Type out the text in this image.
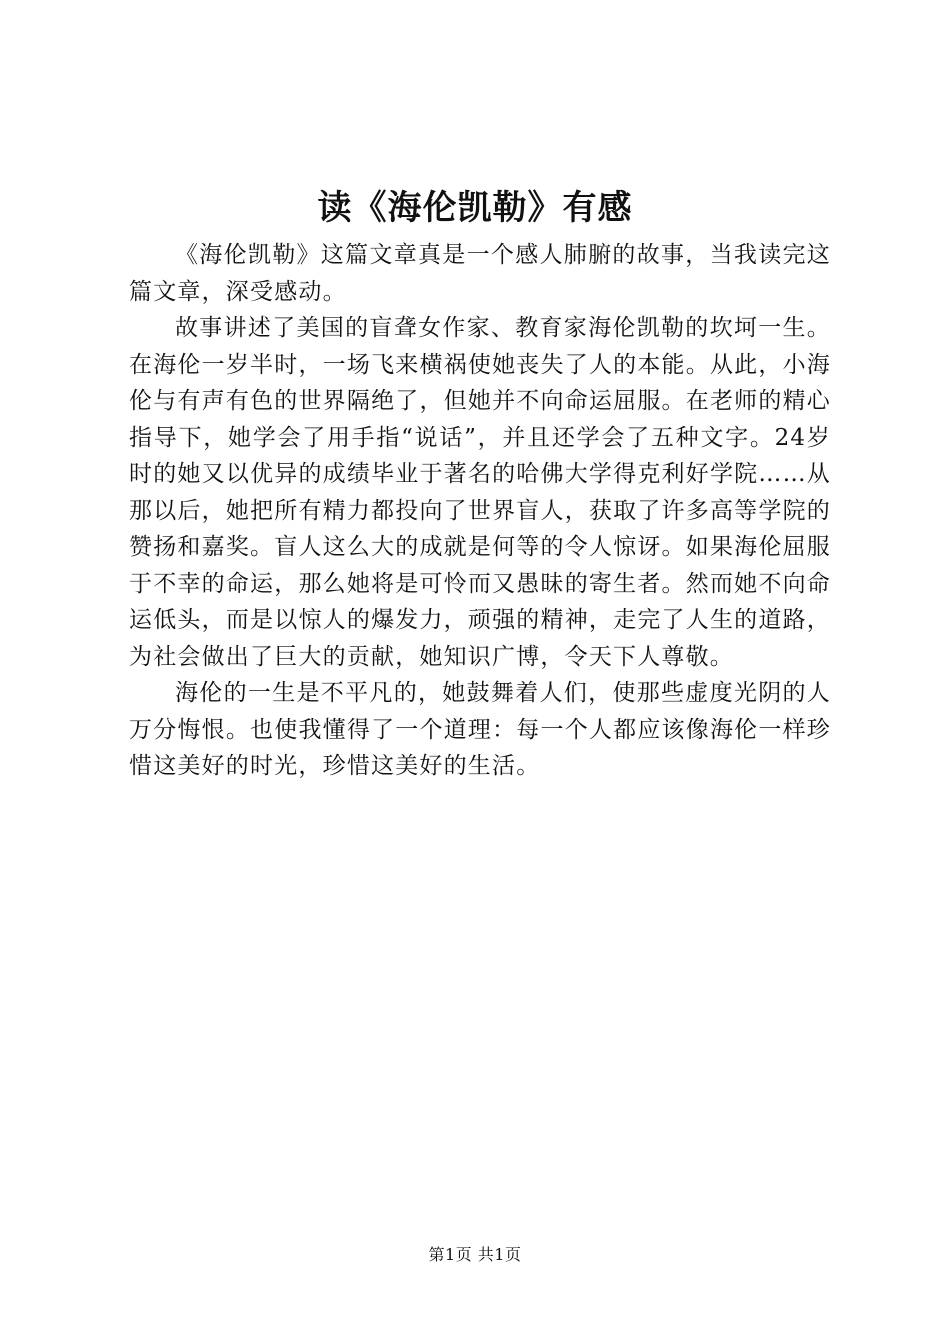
读《海伦凯勒》有感

《海伦凯勒》这篇文章真是一个感人肺腑的故事，当我读完这篇文章，深受感动。

故事讲述了美国的盲聋女作家、教育家海伦凯勒的坎坷一生。在海伦一岁半时，一场飞来横祸使她丧失了人的本能。从此，小海伦与有声有色的世界隔绝了，但她并不向命运屈服。在老师的精心指导下，她学会了用手指“说话”，并且还学会了五种文字。24岁时的她又以优异的成绩毕业于著名的哈佛大学得克利好学院……从那以后，她把所有精力都投向了世界盲人，获取了许多高等学院的赞扬和嘉奖。盲人这么大的成就是何等的令人惊讶。如果海伦屈服于不幸的命运，那么她将是可怜而又愚昧的寄生者。然而她不向命运低头，而是以惊人的爆发力，顽强的精神，走完了人生的道路，为社会做出了巨大的贡献，她知识广博，令天下人尊敬。

海伦的一生是不平凡的，她鼓舞着人们，使那些虚度光阴的人万分悔恨。也使我懂得了一个道理：每一个人都应该像海伦一样珍惜这美好的时光，珍惜这美好的生活。

第1页 共1页
